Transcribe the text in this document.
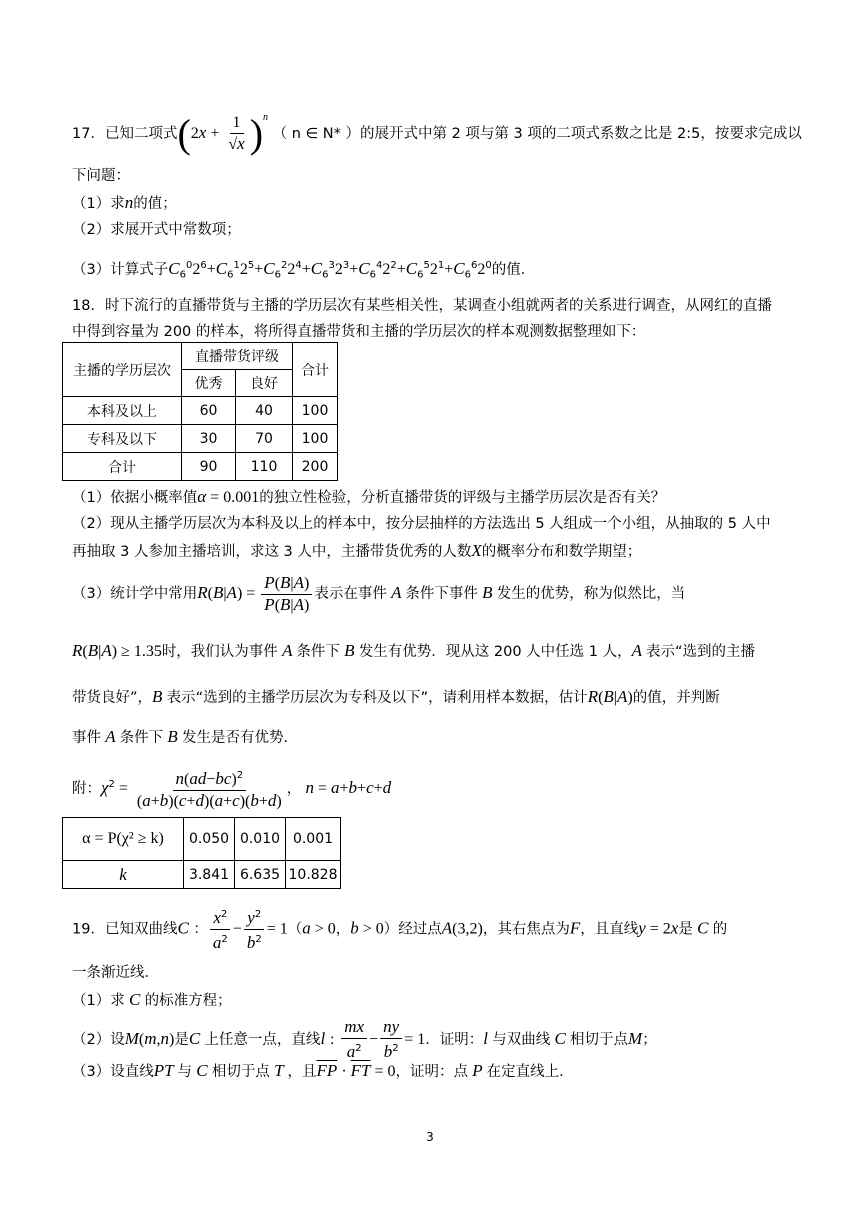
17．已知二项式$(2x + \frac{1}{√x} )^n$ （ n ∈ N* ）的展开式中第 2 项与第 3 项的二项式系数之比是 2:5，按要求完成以
下问题：
（1）求n的值；
（2）求展开式中常数项；
（3）计算式子$C_6^02^6+C_6^12^5+C_6^22^4+C_6^32^3+C_6^42^2+C_6^52^1+C_6^62^0$的值．
18．时下流行的直播带货与主播的学历层次有某些相关性，某调查小组就两者的关系进行调查，从网红的直播
中得到容量为 200 的样本，将所得直播带货和主播的学历层次的样本观测数据整理如下：
主播的学历层次	直播带货评级		合计
	优秀	良好	
本科及以上	60	40	100
专科及以下	30	70	100
合计	90	110	200
（1）依据小概率值α = 0.001的独立性检验，分析直播带货的评级与主播学历层次是否有关？
（2）现从主播学历层次为本科及以上的样本中，按分层抽样的方法选出 5 人组成一个小组，从抽取的 5 人中
再抽取 3 人参加主播培训，求这 3 人中，主播带货优秀的人数X的概率分布和数学期望；
（3）统计学中常用$R(B|A) = \frac{P(B|A)}{P(\overline{B}|A)}$ 表示在事件 A 条件下事件 B 发生的优势，称为似然比，当
R(B|A) ≥ 1.35时，我们认为事件 A 条件下 B 发生有优势．现从这 200 人中任选 1 人，A 表示“选到的主播
带货良好”，B 表示“选到的主播学历层次为专科及以下”，请利用样本数据，估计R(B|A)的值，并判断
事件 A 条件下 B 发生是否有优势．
附：$\chi^2 = \frac{n(ad-bc)^2}{(a+b)(c+d)(a+c)(b+d)}$ ， n = a+b+c+d
α = P(χ² ≥ k)	0.050	0.010	0.001
k	3.841	6.635	10.828
19．已知双曲线C ： $\frac{x^2}{a^2} - \frac{y^2}{b^2} = 1(a > 0$，b > 0）经过点A(3,2)，其右焦点为F，且直线y = 2x是 C 的
一条渐近线．
（1）求 C 的标准方程；
（2）设M(m,n)是C 上任意一点，直线l : $\frac{mx}{a^2} - \frac{ny}{b^2} = 1$．证明：l 与双曲线 C 相切于点M；
（3）设直线PT 与 C 相切于点 T ，且$\overline{FP} \cdot \overline{FT} = 0$，证明：点 P 在定直线上．
3
